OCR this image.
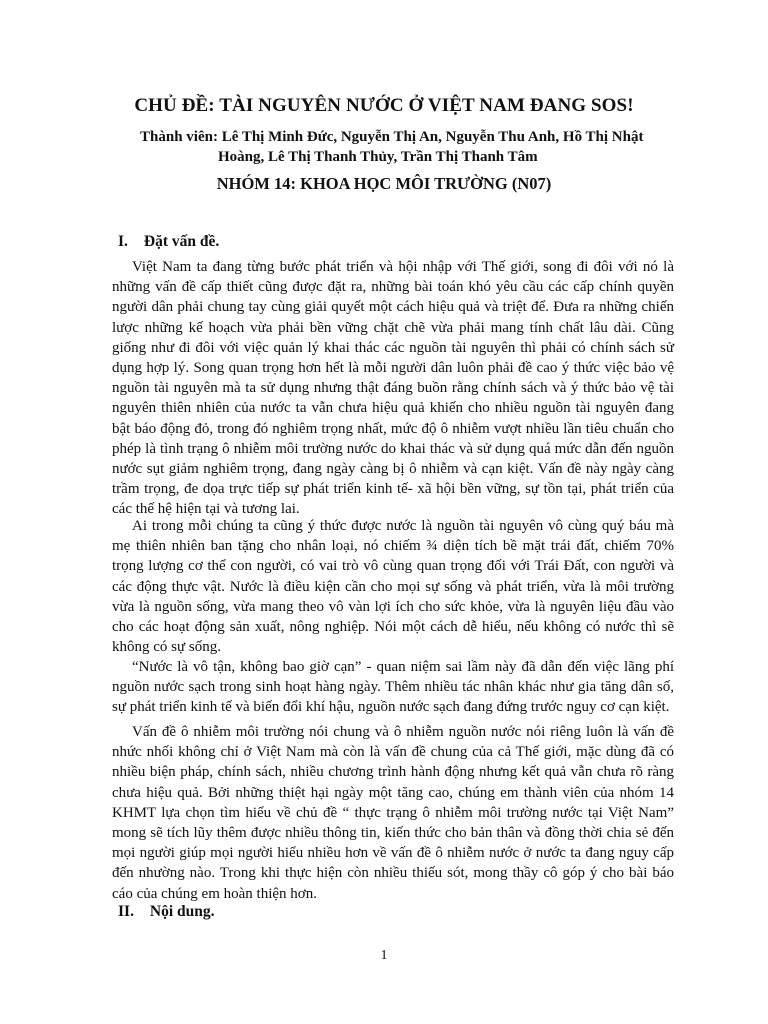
CHỦ ĐỀ: TÀI NGUYÊN NƯỚC Ở VIỆT NAM ĐANG SOS!
Thành viên: Lê Thị Minh Đức, Nguyễn Thị An, Nguyễn Thu Anh, Hồ Thị Nhật
Hoàng, Lê Thị Thanh Thủy, Trần Thị Thanh Tâm
NHÓM 14: KHOA HỌC MÔI TRƯỜNG (N07)
I. Đặt vấn đề.

Việt Nam ta đang từng bước phát triển và hội nhập với Thế giới, song đi đôi với nó là những vấn đề cấp thiết cũng được đặt ra, những bài toán khó yêu cầu các cấp chính quyền người dân phải chung tay cùng giải quyết một cách hiệu quả và triệt để. Đưa ra những chiến lược những kế hoạch vừa phải bền vững chặt chẽ vừa phải mang tính chất lâu dài. Cũng giống như đi đôi với việc quản lý khai thác các nguồn tài nguyên thì phải có chính sách sử dụng hợp lý. Song quan trọng hơn hết là mỗi người dân luôn phải đề cao ý thức việc bảo vệ nguồn tài nguyên mà ta sử dụng nhưng thật đáng buồn rằng chính sách và ý thức bảo vệ tài nguyên thiên nhiên của nước ta vẫn chưa hiệu quả khiến cho nhiều nguồn tài nguyên đang bật báo động đỏ, trong đó nghiêm trọng nhất, mức độ ô nhiễm vượt nhiều lần tiêu chuẩn cho phép là tình trạng ô nhiễm môi trường nước do khai thác và sử dụng quá mức dẫn đến nguồn nước sụt giảm nghiêm trọng, đang ngày càng bị ô nhiễm và cạn kiệt. Vấn đề này ngày càng trầm trọng, đe dọa trực tiếp sự phát triển kinh tế- xã hội bền vững, sự tồn tại, phát triển của các thế hệ hiện tại và tương lai.

Ai trong mỗi chúng ta cũng ý thức được nước là nguồn tài nguyên vô cùng quý báu mà mẹ thiên nhiên ban tặng cho nhân loại, nó chiếm ¾ diện tích bề mặt trái đất, chiếm 70% trọng lượng cơ thể con người, có vai trò vô cùng quan trọng đối với Trái Đất, con người và các động thực vật. Nước là điều kiện cần cho mọi sự sống và phát triển, vừa là môi trường vừa là nguồn sống, vừa mang theo vô vàn lợi ích cho sức khỏe, vừa là nguyên liệu đầu vào cho các hoạt động sản xuất, nông nghiệp. Nói một cách dễ hiểu, nếu không có nước thì sẽ không có sự sống.

“Nước là vô tận, không bao giờ cạn” - quan niệm sai lầm này đã dẫn đến việc lãng phí nguồn nước sạch trong sinh hoạt hàng ngày. Thêm nhiều tác nhân khác như gia tăng dân số, sự phát triển kinh tế và biến đổi khí hậu, nguồn nước sạch đang đứng trước nguy cơ cạn kiệt.

Vấn đề ô nhiễm môi trường nói chung và ô nhiễm nguồn nước nói riêng luôn là vấn đề nhức nhối không chỉ ở Việt Nam mà còn là vấn đề chung của cả Thế giới, mặc dùng đã có nhiều biện pháp, chính sách, nhiều chương trình hành động nhưng kết quả vẫn chưa rõ ràng chưa hiệu quả. Bởi những thiệt hại ngày một tăng cao, chúng em thành viên của nhóm 14 KHMT lựa chọn tìm hiểu về chủ đề “ thực trạng ô nhiễm môi trường nước tại Việt Nam” mong sẽ tích lũy thêm được nhiều thông tin, kiến thức cho bản thân và đồng thời chia sẻ đến mọi người giúp mọi người hiểu nhiều hơn về vấn đề ô nhiễm nước ở nước ta đang nguy cấp đến nhường nào. Trong khi thực hiện còn nhiều thiếu sót, mong thầy cô góp ý cho bài báo cáo của chúng em hoàn thiện hơn.

II. Nội dung.
1
